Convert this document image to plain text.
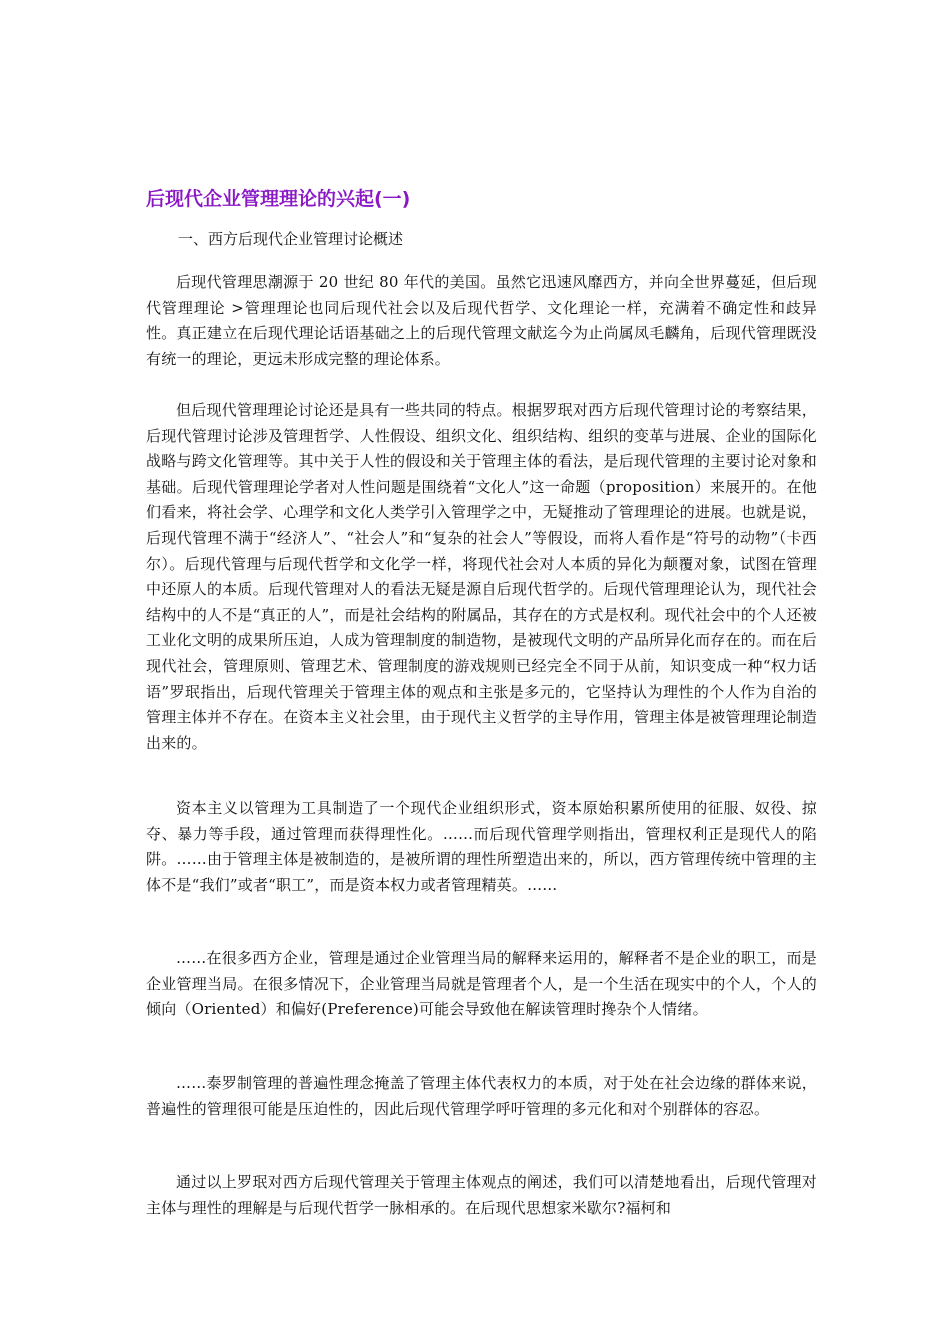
后现代企业管理理论的兴起(一)

一、西方后现代企业管理讨论概述

后现代管理思潮源于 20 世纪 80 年代的美国。虽然它迅速风靡西方，并向全世界蔓延，但后现代管理理论 >管理理论也同后现代社会以及后现代哲学、文化理论一样，充满着不确定性和歧异性。真正建立在后现代理论话语基础之上的后现代管理文献迄今为止尚属凤毛麟角，后现代管理既没有统一的理论，更远未形成完整的理论体系。

但后现代管理理论讨论还是具有一些共同的特点。根据罗珉对西方后现代管理讨论的考察结果，后现代管理讨论涉及管理哲学、人性假设、组织文化、组织结构、组织的变革与进展、企业的国际化战略与跨文化管理等。其中关于人性的假设和关于管理主体的看法，是后现代管理的主要讨论对象和基础。后现代管理理论学者对人性问题是围绕着“文化人”这一命题（proposition）来展开的。在他们看来，将社会学、心理学和文化人类学引入管理学之中，无疑推动了管理理论的进展。也就是说，后现代管理不满于“经济人”、“社会人”和“复杂的社会人”等假设，而将人看作是“符号的动物”（卡西尔）。后现代管理与后现代哲学和文化学一样，将现代社会对人本质的异化为颠覆对象，试图在管理中还原人的本质。后现代管理对人的看法无疑是源自后现代哲学的。后现代管理理论认为，现代社会结构中的人不是“真正的人”，而是社会结构的附属品，其存在的方式是权利。现代社会中的个人还被工业化文明的成果所压迫，人成为管理制度的制造物，是被现代文明的产品所异化而存在的。而在后现代社会，管理原则、管理艺术、管理制度的游戏规则已经完全不同于从前，知识变成一种“权力话语”罗珉指出，后现代管理关于管理主体的观点和主张是多元的，它坚持认为理性的个人作为自治的管理主体并不存在。在资本主义社会里，由于现代主义哲学的主导作用，管理主体是被管理理论制造出来的。

资本主义以管理为工具制造了一个现代企业组织形式，资本原始积累所使用的征服、奴役、掠夺、暴力等手段，通过管理而获得理性化。……而后现代管理学则指出，管理权利正是现代人的陷阱。……由于管理主体是被制造的，是被所谓的理性所塑造出来的，所以，西方管理传统中管理的主体不是“我们”或者“职工”，而是资本权力或者管理精英。……

……在很多西方企业，管理是通过企业管理当局的解释来运用的，解释者不是企业的职工，而是企业管理当局。在很多情况下，企业管理当局就是管理者个人，是一个生活在现实中的个人，个人的倾向（Oriented）和偏好(Preference)可能会导致他在解读管理时搀杂个人情绪。

……泰罗制管理的普遍性理念掩盖了管理主体代表权力的本质，对于处在社会边缘的群体来说，普遍性的管理很可能是压迫性的，因此后现代管理学呼吁管理的多元化和对个别群体的容忍。

通过以上罗珉对西方后现代管理关于管理主体观点的阐述，我们可以清楚地看出，后现代管理对主体与理性的理解是与后现代哲学一脉相承的。在后现代思想家米歇尔?福柯和
